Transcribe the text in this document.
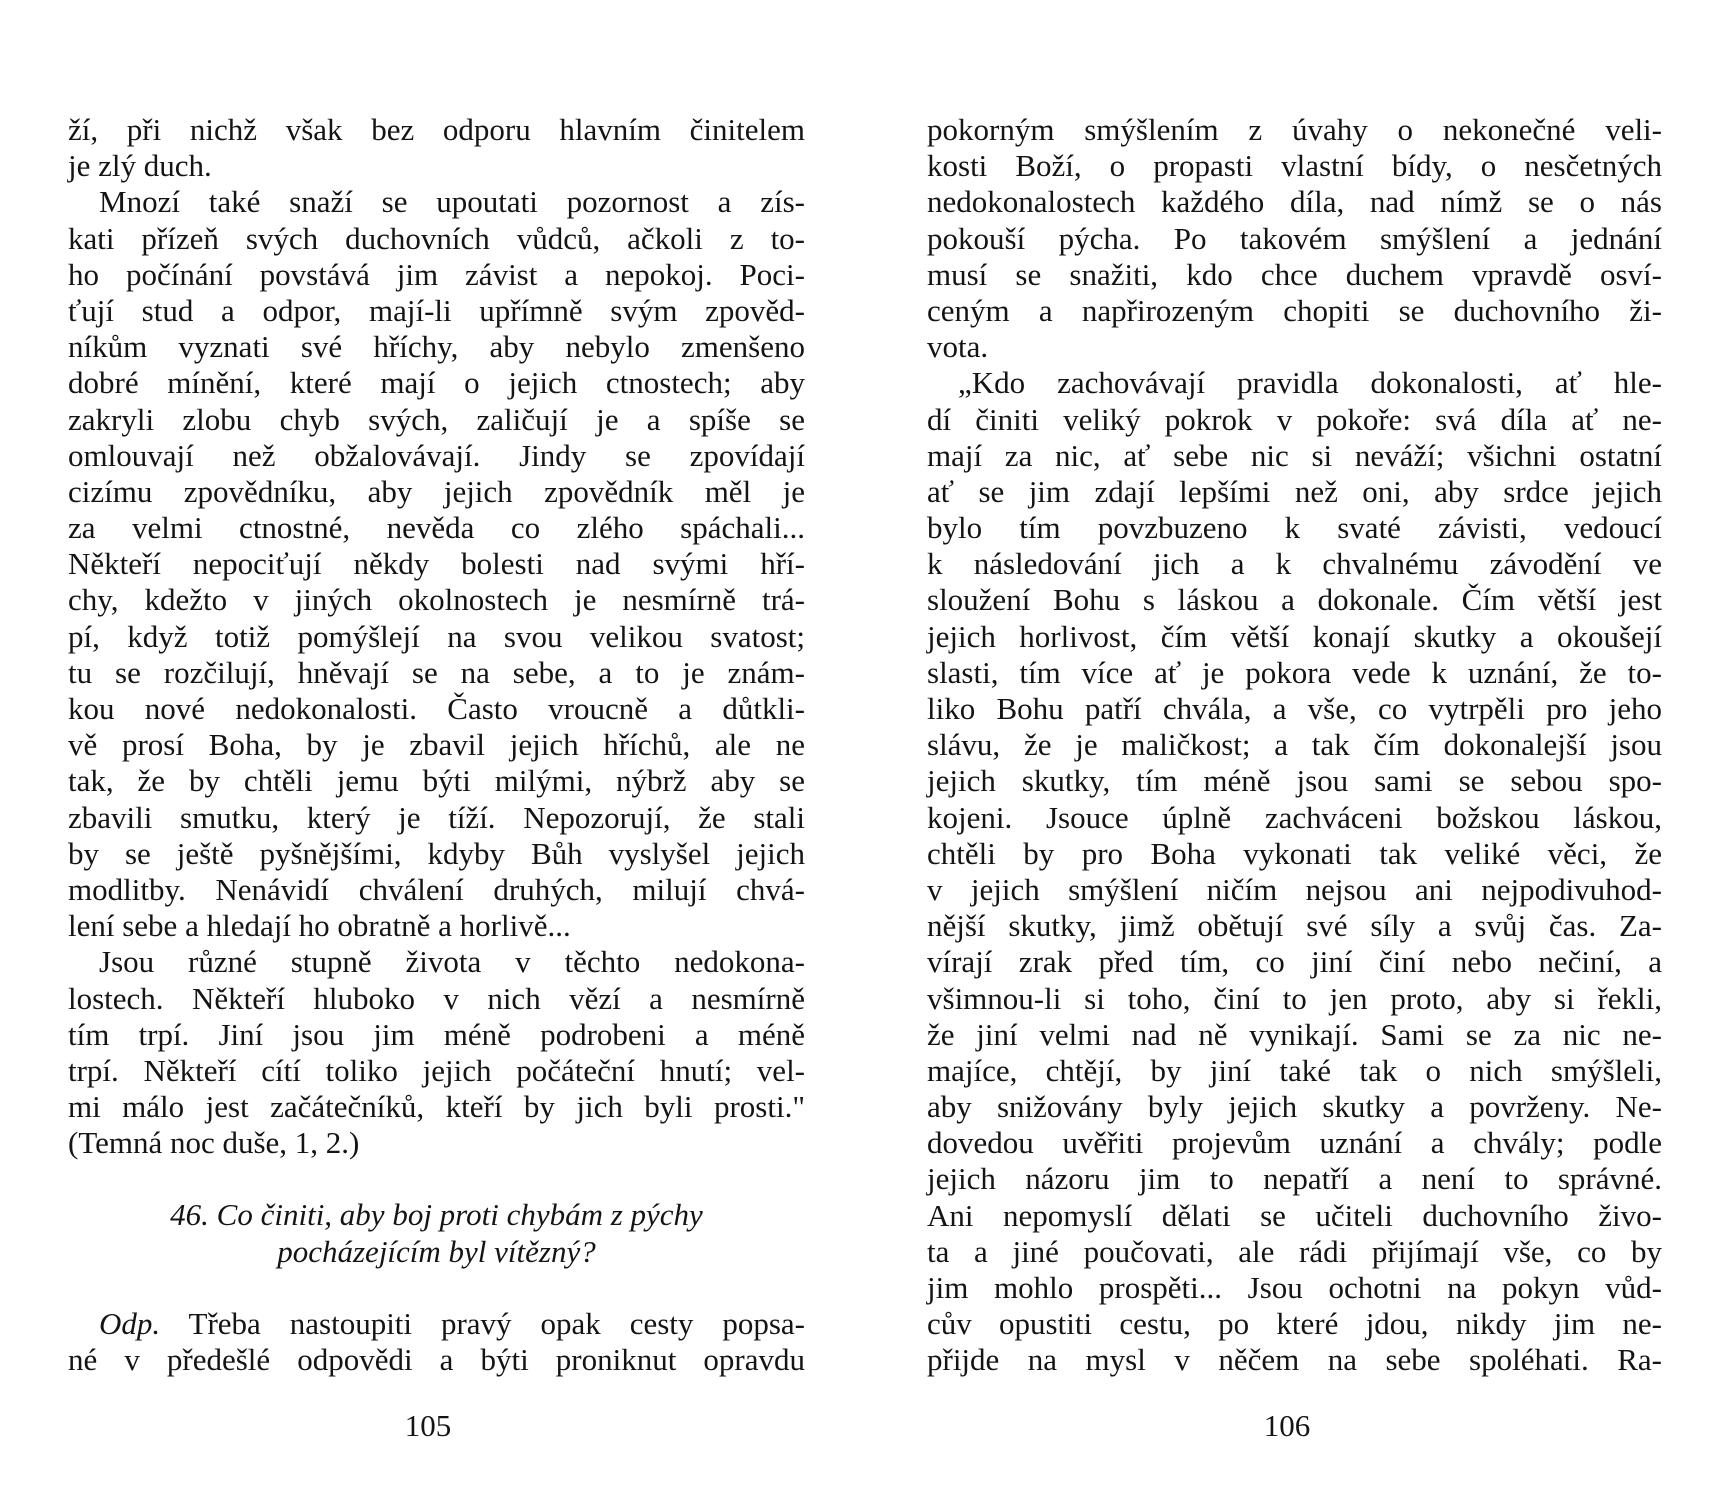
ží, při nichž však bez odporu hlavním činitelem
je zlý duch.
Mnozí také snaží se upoutati pozornost a zís-
kati přízeň svých duchovních vůdců, ačkoli z to-
ho počínání povstává jim závist a nepokoj. Poci-
ťují stud a odpor, mají-li upřímně svým zpověd-
níkům vyznati své hříchy, aby nebylo zmenšeno
dobré mínění, které mají o jejich ctnostech; aby
zakryli zlobu chyb svých, zaličují je a spíše se
omlouvají než obžalovávají. Jindy se zpovídají
cizímu zpovědníku, aby jejich zpovědník měl je
za velmi ctnostné, nevěda co zlého spáchali...
Někteří nepociťují někdy bolesti nad svými hří-
chy, kdežto v jiných okolnostech je nesmírně trá-
pí, když totiž pomýšlejí na svou velikou svatost;
tu se rozčilují, hněvají se na sebe, a to je znám-
kou nové nedokonalosti. Často vroucně a důtkli-
vě prosí Boha, by je zbavil jejich hříchů, ale ne
tak, že by chtěli jemu býti milými, nýbrž aby se
zbavili smutku, který je tíží. Nepozorují, že stali
by se ještě pyšnějšími, kdyby Bůh vyslyšel jejich
modlitby. Nenávidí chválení druhých, milují chvá-
lení sebe a hledají ho obratně a horlivě...
Jsou různé stupně života v těchto nedokona-
lostech. Někteří hluboko v nich vězí a nesmírně
tím trpí. Jiní jsou jim méně podrobeni a méně
trpí. Někteří cítí toliko jejich počáteční hnutí; vel-
mi málo jest začátečníků, kteří by jich byli prosti."
(Temná noc duše, 1, 2.)
46. Co činiti, aby boj proti chybám z pýchy
pocházejícím byl vítězný?
Odp. Třeba nastoupiti pravý opak cesty popsa-
né v předešlé odpovědi a býti proniknut opravdu
105
pokorným smýšlením z úvahy o nekonečné veli-
kosti Boží, o propasti vlastní bídy, o nesčetných
nedokonalostech každého díla, nad nímž se o nás
pokouší pýcha. Po takovém smýšlení a jednání
musí se snažiti, kdo chce duchem vpravdě osví-
ceným a napřirozeným chopiti se duchovního ži-
vota.
„Kdo zachovávají pravidla dokonalosti, ať hle-
dí činiti veliký pokrok v pokoře: svá díla ať ne-
mají za nic, ať sebe nic si neváží; všichni ostatní
ať se jim zdají lepšími než oni, aby srdce jejich
bylo tím povzbuzeno k svaté závisti, vedoucí
k následování jich a k chvalnému závodění ve
sloužení Bohu s láskou a dokonale. Čím větší jest
jejich horlivost, čím větší konají skutky a okoušejí
slasti, tím více ať je pokora vede k uznání, že to-
liko Bohu patří chvála, a vše, co vytrpěli pro jeho
slávu, že je maličkost; a tak čím dokonalejší jsou
jejich skutky, tím méně jsou sami se sebou spo-
kojeni. Jsouce úplně zachváceni božskou láskou,
chtěli by pro Boha vykonati tak veliké věci, že
v jejich smýšlení ničím nejsou ani nejpodivuhod-
nější skutky, jimž obětují své síly a svůj čas. Za-
vírají zrak před tím, co jiní činí nebo nečiní, a
všimnou-li si toho, činí to jen proto, aby si řekli,
že jiní velmi nad ně vynikají. Sami se za nic ne-
majíce, chtějí, by jiní také tak o nich smýšleli,
aby snižovány byly jejich skutky a povrženy. Ne-
dovedou uvěřiti projevům uznání a chvály; podle
jejich názoru jim to nepatří a není to správné.
Ani nepomyslí dělati se učiteli duchovního živo-
ta a jiné poučovati, ale rádi přijímají vše, co by
jim mohlo prospěti... Jsou ochotni na pokyn vůd-
cův opustiti cestu, po které jdou, nikdy jim ne-
přijde na mysl v něčem na sebe spoléhati. Ra-
106
